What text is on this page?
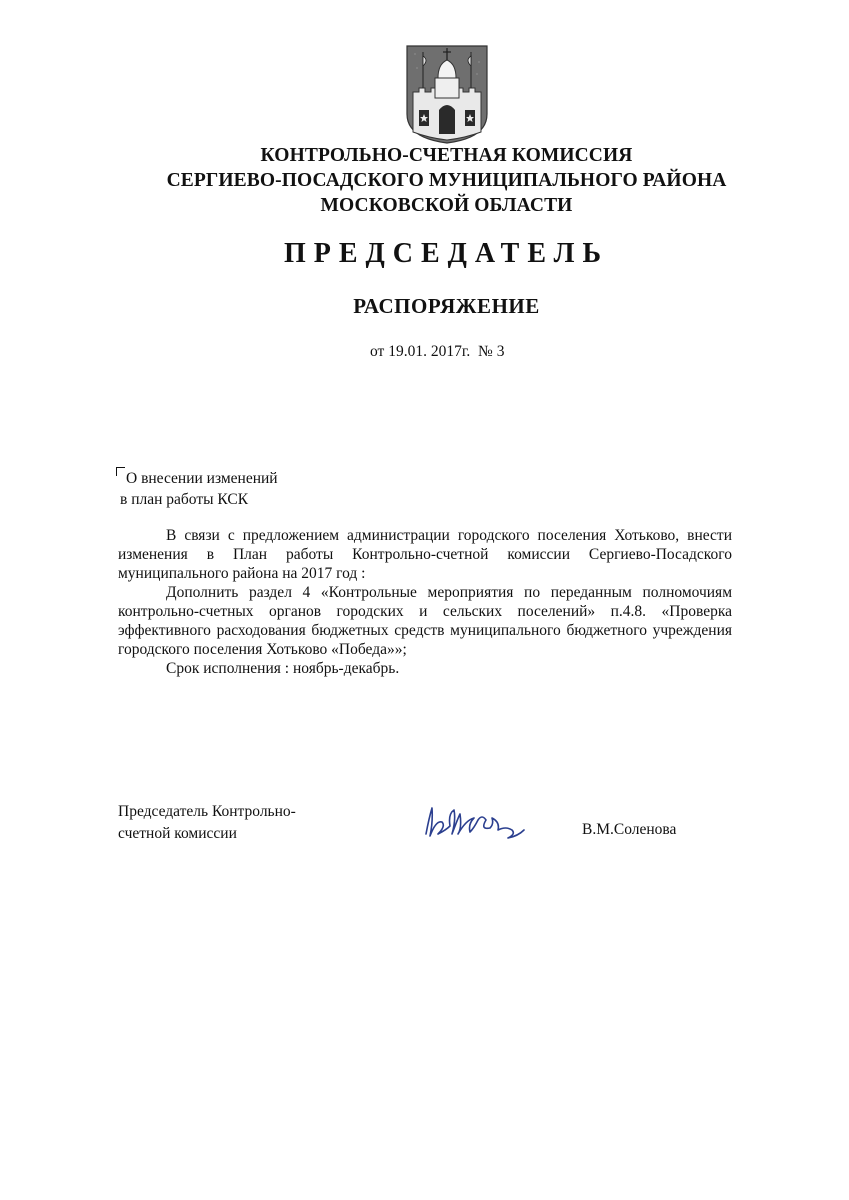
КОНТРОЛЬНО-СЧЕТНАЯ КОМИССИЯ
СЕРГИЕВО-ПОСАДСКОГО МУНИЦИПАЛЬНОГО РАЙОНА
МОСКОВСКОЙ ОБЛАСТИ
ПРЕДСЕДАТЕЛЬ
РАСПОРЯЖЕНИЕ
от 19.01. 2017г.  № 3
О внесении изменений
в план работы КСК

В связи с предложением администрации городского поселения Хотьково, внести изменения в План работы Контрольно-счетной комиссии Сергиево-Посадского муниципального района на 2017 год :

Дополнить раздел 4 «Контрольные мероприятия по переданным полномочиям контрольно-счетных органов городских и сельских поселений» п.4.8. «Проверка эффективного расходования бюджетных средств муниципального бюджетного учреждения городского поселения Хотьково «Победа»»;

Срок исполнения : ноябрь-декабрь.

Председатель Контрольно-
счетной комиссии	В.М.Соленова
